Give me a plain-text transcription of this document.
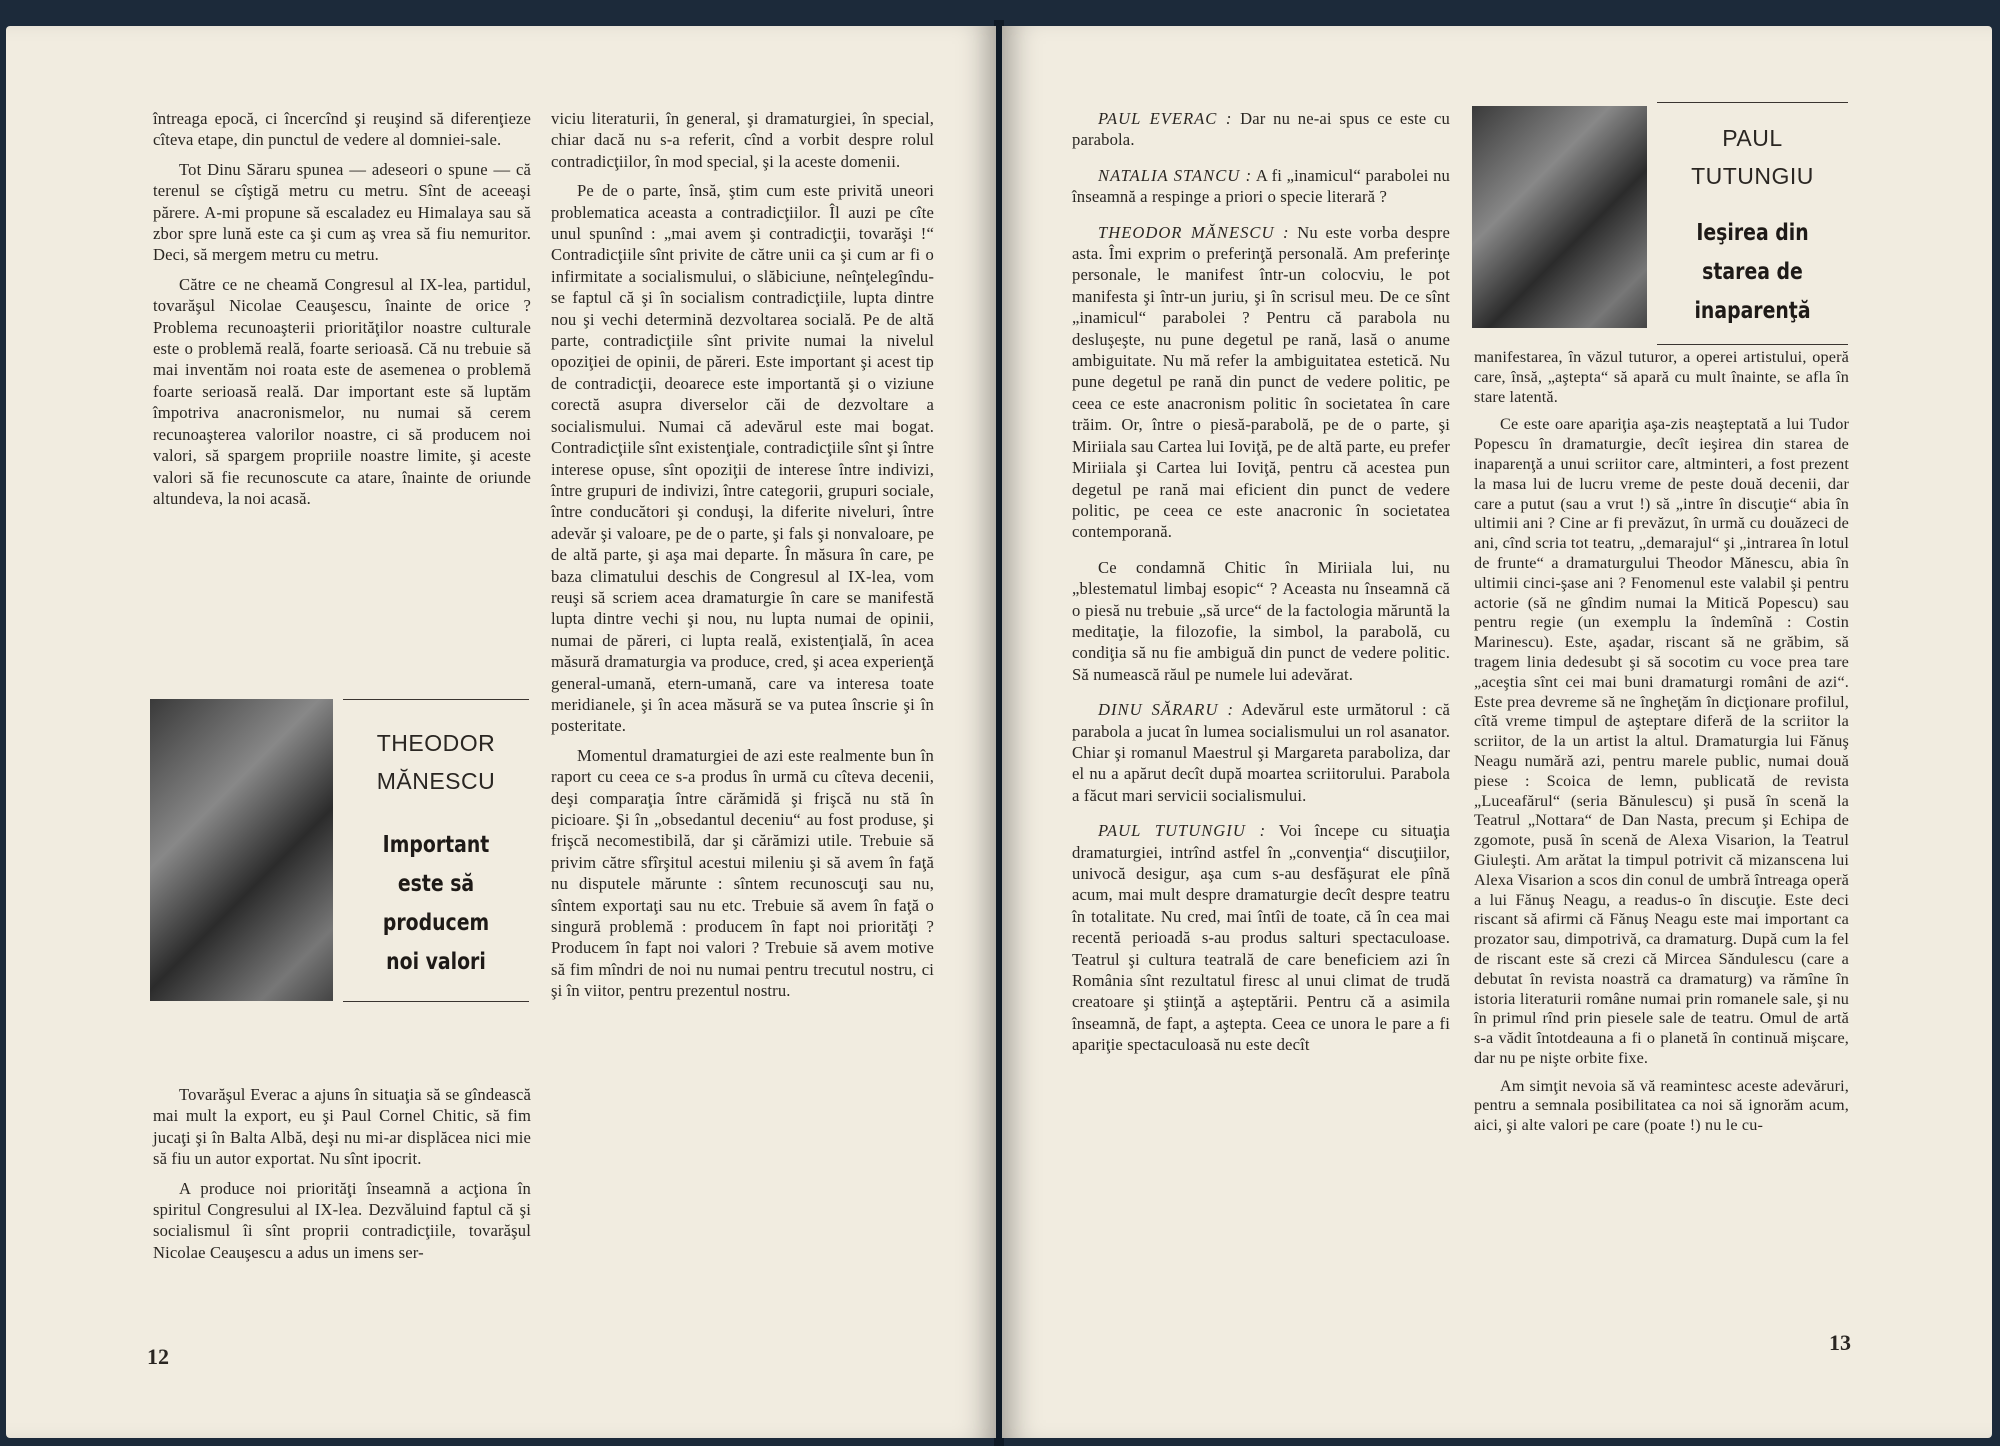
întreaga epocă, ci încercînd şi reuşind să diferenţieze cîteva etape, din punctul de vedere al domniei-sale.

Tot Dinu Săraru spunea — adeseori o spune — că terenul se cîştigă metru cu metru. Sînt de aceeaşi părere. A-mi propune să escaladez eu Himalaya sau să zbor spre lună este ca şi cum aş vrea să fiu nemuritor. Deci, să mergem metru cu metru.

Către ce ne cheamă Congresul al IX-lea, partidul, tovarăşul Nicolae Ceauşescu, înainte de orice ? Problema recunoaşterii priorităţilor noastre culturale este o problemă reală, foarte serioasă. Că nu trebuie să mai inventăm noi roata este de asemenea o problemă foarte serioasă reală. Dar important este să luptăm împotriva anacronismelor, nu numai să cerem recunoaşterea valorilor noastre, ci să producem noi valori, să spargem propriile noastre limite, şi aceste valori să fie recunoscute ca atare, înainte de oriunde altundeva, la noi acasă.

THEODOR
MĂNESCU
Important
este să
producem
noi valori

Tovarăşul Everac a ajuns în situaţia să se gîndească mai mult la export, eu şi Paul Cornel Chitic, să fim jucaţi şi în Balta Albă, deşi nu mi-ar displăcea nici mie să fiu un autor exportat. Nu sînt ipocrit.

A produce noi priorităţi înseamnă a acţiona în spiritul Congresului al IX-lea. Dezvăluind faptul că şi socialismul îi sînt proprii contradicţiile, tovarăşul Nicolae Ceauşescu a adus un imens ser-

viciu literaturii, în general, şi dramaturgiei, în special, chiar dacă nu s-a referit, cînd a vorbit despre rolul contradicţiilor, în mod special, şi la aceste domenii.

Pe de o parte, însă, ştim cum este privită uneori problematica aceasta a contradicţiilor. Îl auzi pe cîte unul spunînd : „mai avem şi contradicţii, tovarăşi !“ Contradicţiile sînt privite de către unii ca şi cum ar fi o infirmitate a socialismului, o slăbiciune, neînţelegîndu-se faptul că şi în socialism contradicţiile, lupta dintre nou şi vechi determină dezvoltarea socială. Pe de altă parte, contradicţiile sînt privite numai la nivelul opoziţiei de opinii, de păreri. Este important şi acest tip de contradicţii, deoarece este importantă şi o viziune corectă asupra diverselor căi de dezvoltare a socialismului. Numai că adevărul este mai bogat. Contradicţiile sînt existenţiale, contradicţiile sînt şi între interese opuse, sînt opoziţii de interese între indivizi, între grupuri de indivizi, între categorii, grupuri sociale, între conducători şi conduşi, la diferite niveluri, între adevăr şi valoare, pe de o parte, şi fals şi nonvaloare, pe de altă parte, şi aşa mai departe. În măsura în care, pe baza climatului deschis de Congresul al IX-lea, vom reuşi să scriem acea dramaturgie în care se manifestă lupta dintre vechi şi nou, nu lupta numai de opinii, numai de păreri, ci lupta reală, existenţială, în acea măsură dramaturgia va produce, cred, şi acea experienţă general-umană, etern-umană, care va interesa toate meridianele, şi în acea măsură se va putea înscrie şi în posteritate.

Momentul dramaturgiei de azi este realmente bun în raport cu ceea ce s-a produs în urmă cu cîteva decenii, deşi comparaţia între cărămidă şi frişcă nu stă în picioare. Şi în „obsedantul deceniu“ au fost produse, şi frişcă necomestibilă, dar şi cărămizi utile. Trebuie să privim către sfîrşitul acestui mileniu şi să avem în faţă nu disputele mărunte : sîntem recunoscuţi sau nu, sîntem exportaţi sau nu etc. Trebuie să avem în faţă o singură problemă : producem în fapt noi priorităţi ? Producem în fapt noi valori ? Trebuie să avem motive să fim mîndri de noi nu numai pentru trecutul nostru, ci şi în viitor, pentru prezentul nostru.

12

PAUL EVERAC : Dar nu ne-ai spus ce este cu parabola.

NATALIA STANCU : A fi „inamicul“ parabolei nu înseamnă a respinge a priori o specie literară ?

THEODOR MĂNESCU : Nu este vorba despre asta. Îmi exprim o preferinţă personală. Am preferinţe personale, le manifest într-un colocviu, le pot manifesta şi într-un juriu, şi în scrisul meu. De ce sînt „inamicul“ parabolei ? Pentru că parabola nu desluşeşte, nu pune degetul pe rană, lasă o anume ambiguitate. Nu mă refer la ambiguitatea estetică. Nu pune degetul pe rană din punct de vedere politic, pe ceea ce este anacronism politic în societatea în care trăim. Or, între o piesă-parabolă, pe de o parte, şi Miriiala sau Cartea lui Ioviţă, pe de altă parte, eu prefer Miriiala şi Cartea lui Ioviţă, pentru că acestea pun degetul pe rană mai eficient din punct de vedere politic, pe ceea ce este anacronic în societatea contemporană.

Ce condamnă Chitic în Miriiala lui, nu „blestematul limbaj esopic“ ? Aceasta nu înseamnă că o piesă nu trebuie „să urce“ de la factologia măruntă la meditaţie, la filozofie, la simbol, la parabolă, cu condiţia să nu fie ambiguă din punct de vedere politic. Să numească răul pe numele lui adevărat.

DINU SĂRARU : Adevărul este următorul : că parabola a jucat în lumea socialismului un rol asanator. Chiar şi romanul Maestrul şi Margareta parabolizа, dar el nu a apărut decît după moartea scriitorului. Parabola a făcut mari servicii socialismului.

PAUL TUTUNGIU : Voi începe cu situaţia dramaturgiei, intrînd astfel în „convenţia“ discuţiilor, univocă desigur, aşa cum s-au desfăşurat ele pînă acum, mai mult despre dramaturgie decît despre teatru în totalitate. Nu cred, mai întîi de toate, că în cea mai recentă perioadă s-au produs salturi spectaculoase. Teatrul şi cultura teatrală de care beneficiem azi în România sînt rezultatul firesc al unui climat de trudă creatoare şi ştiinţă a aşteptării. Pentru că a asimila înseamnă, de fapt, a aştepta. Ceea ce unora le pare a fi apariţie spectaculoasă nu este decît

PAUL
TUTUNGIU
Ieşirea din
starea de
inaparenţă

manifestarea, în văzul tuturor, a operei artistului, operă care, însă, „aştepta“ să apară cu mult înainte, se afla în stare latentă.

Ce este oare apariţia aşa-zis neaşteptată a lui Tudor Popescu în dramaturgie, decît ieşirea din starea de inaparenţă a unui scriitor care, altminteri, a fost prezent la masa lui de lucru vreme de peste două decenii, dar care a putut (sau a vrut !) să „intre în discuţie“ abia în ultimii ani ? Cine ar fi prevăzut, în urmă cu douăzeci de ani, cînd scria tot teatru, „demarajul“ şi „intrarea în lotul de frunte“ a dramaturgului Theodor Mănescu, abia în ultimii cinci-şase ani ? Fenomenul este valabil şi pentru actorie (să ne gîndim numai la Mitică Popescu) sau pentru regie (un exemplu la îndemînă : Costin Marinescu). Este, aşadar, riscant să ne grăbim, să tragem linia dedesubt şi să socotim cu voce prea tare „aceştia sînt cei mai buni dramaturgi români de azi“. Este prea devreme să ne îngheţăm în dicţionare profilul, cîtă vreme timpul de aşteptare diferă de la scriitor la scriitor, de la un artist la altul. Dramaturgia lui Fănuş Neagu numără azi, pentru marele public, numai două piese : Scoica de lemn, publicată de revista „Luceafărul“ (seria Bănulescu) şi pusă în scenă la Teatrul „Nottara“ de Dan Nasta, precum şi Echipa de zgomote, pusă în scenă de Alexa Visarion, la Teatrul Giuleşti. Am arătat la timpul potrivit că mizanscena lui Alexa Visarion a scos din conul de umbră întreaga operă a lui Fănuş Neagu, a readus-o în discuţie. Este deci riscant să afirmi că Fănuş Neagu este mai important ca prozator sau, dimpotrivă, ca dramaturg. După cum la fel de riscant este să crezi că Mircea Săndulescu (care a debutat în revista noastră ca dramaturg) va rămîne în istoria literaturii române numai prin romanele sale, şi nu în primul rînd prin piesele sale de teatru. Omul de artă s-a vădit întotdeauna a fi o planetă în continuă mişcare, dar nu pe nişte orbite fixe.

Am simţit nevoia să vă reamintesc aceste adevăruri, pentru a semnala posibilitatea ca noi să ignorăm acum, aici, şi alte valori pe care (poate !) nu le cu-

13
